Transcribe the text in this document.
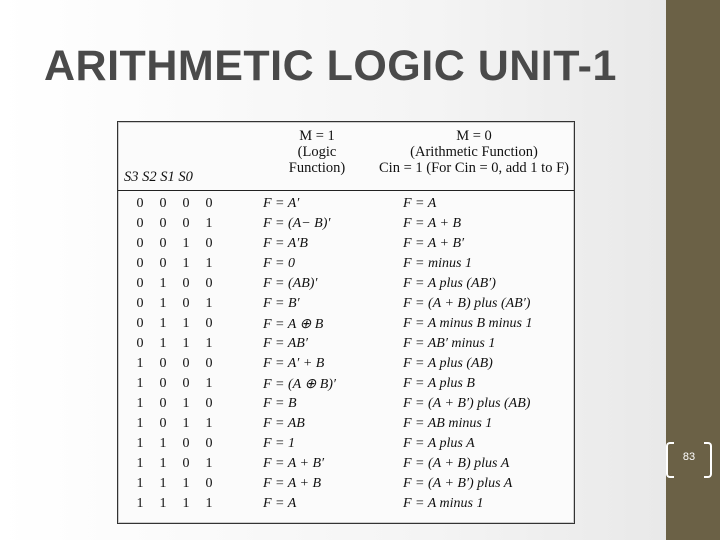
ARITHMETIC LOGIC UNIT-1
S3 S2 S1 S0
M = 1
(Logic
Function)
M = 0
(Arithmetic Function)
Cin = 1 (For Cin = 0, add 1 to F)
0	0	0	0	F = A′	F = A
0	0	0	1	F = (A− B)′	F = A + B
0	0	1	0	F = A′B	F = A + B′
0	0	1	1	F = 0	F = minus 1
0	1	0	0	F = (AB)′	F = A plus (AB′)
0	1	0	1	F = B′	F = (A + B) plus (AB′)
0	1	1	0	F = A ⊕ B	F = A minus B minus 1
0	1	1	1	F = AB′	F = AB′ minus 1
1	0	0	0	F = A′ + B	F = A plus (AB)
1	0	0	1	F = (A ⊕ B)′	F = A plus B
1	0	1	0	F = B	F = (A + B′) plus (AB)
1	0	1	1	F = AB	F = AB minus 1
1	1	0	0	F = 1	F = A plus A
1	1	0	1	F = A + B′	F = (A + B) plus A
1	1	1	0	F = A + B	F = (A + B′) plus A
1	1	1	1	F = A	F = A minus 1
83
